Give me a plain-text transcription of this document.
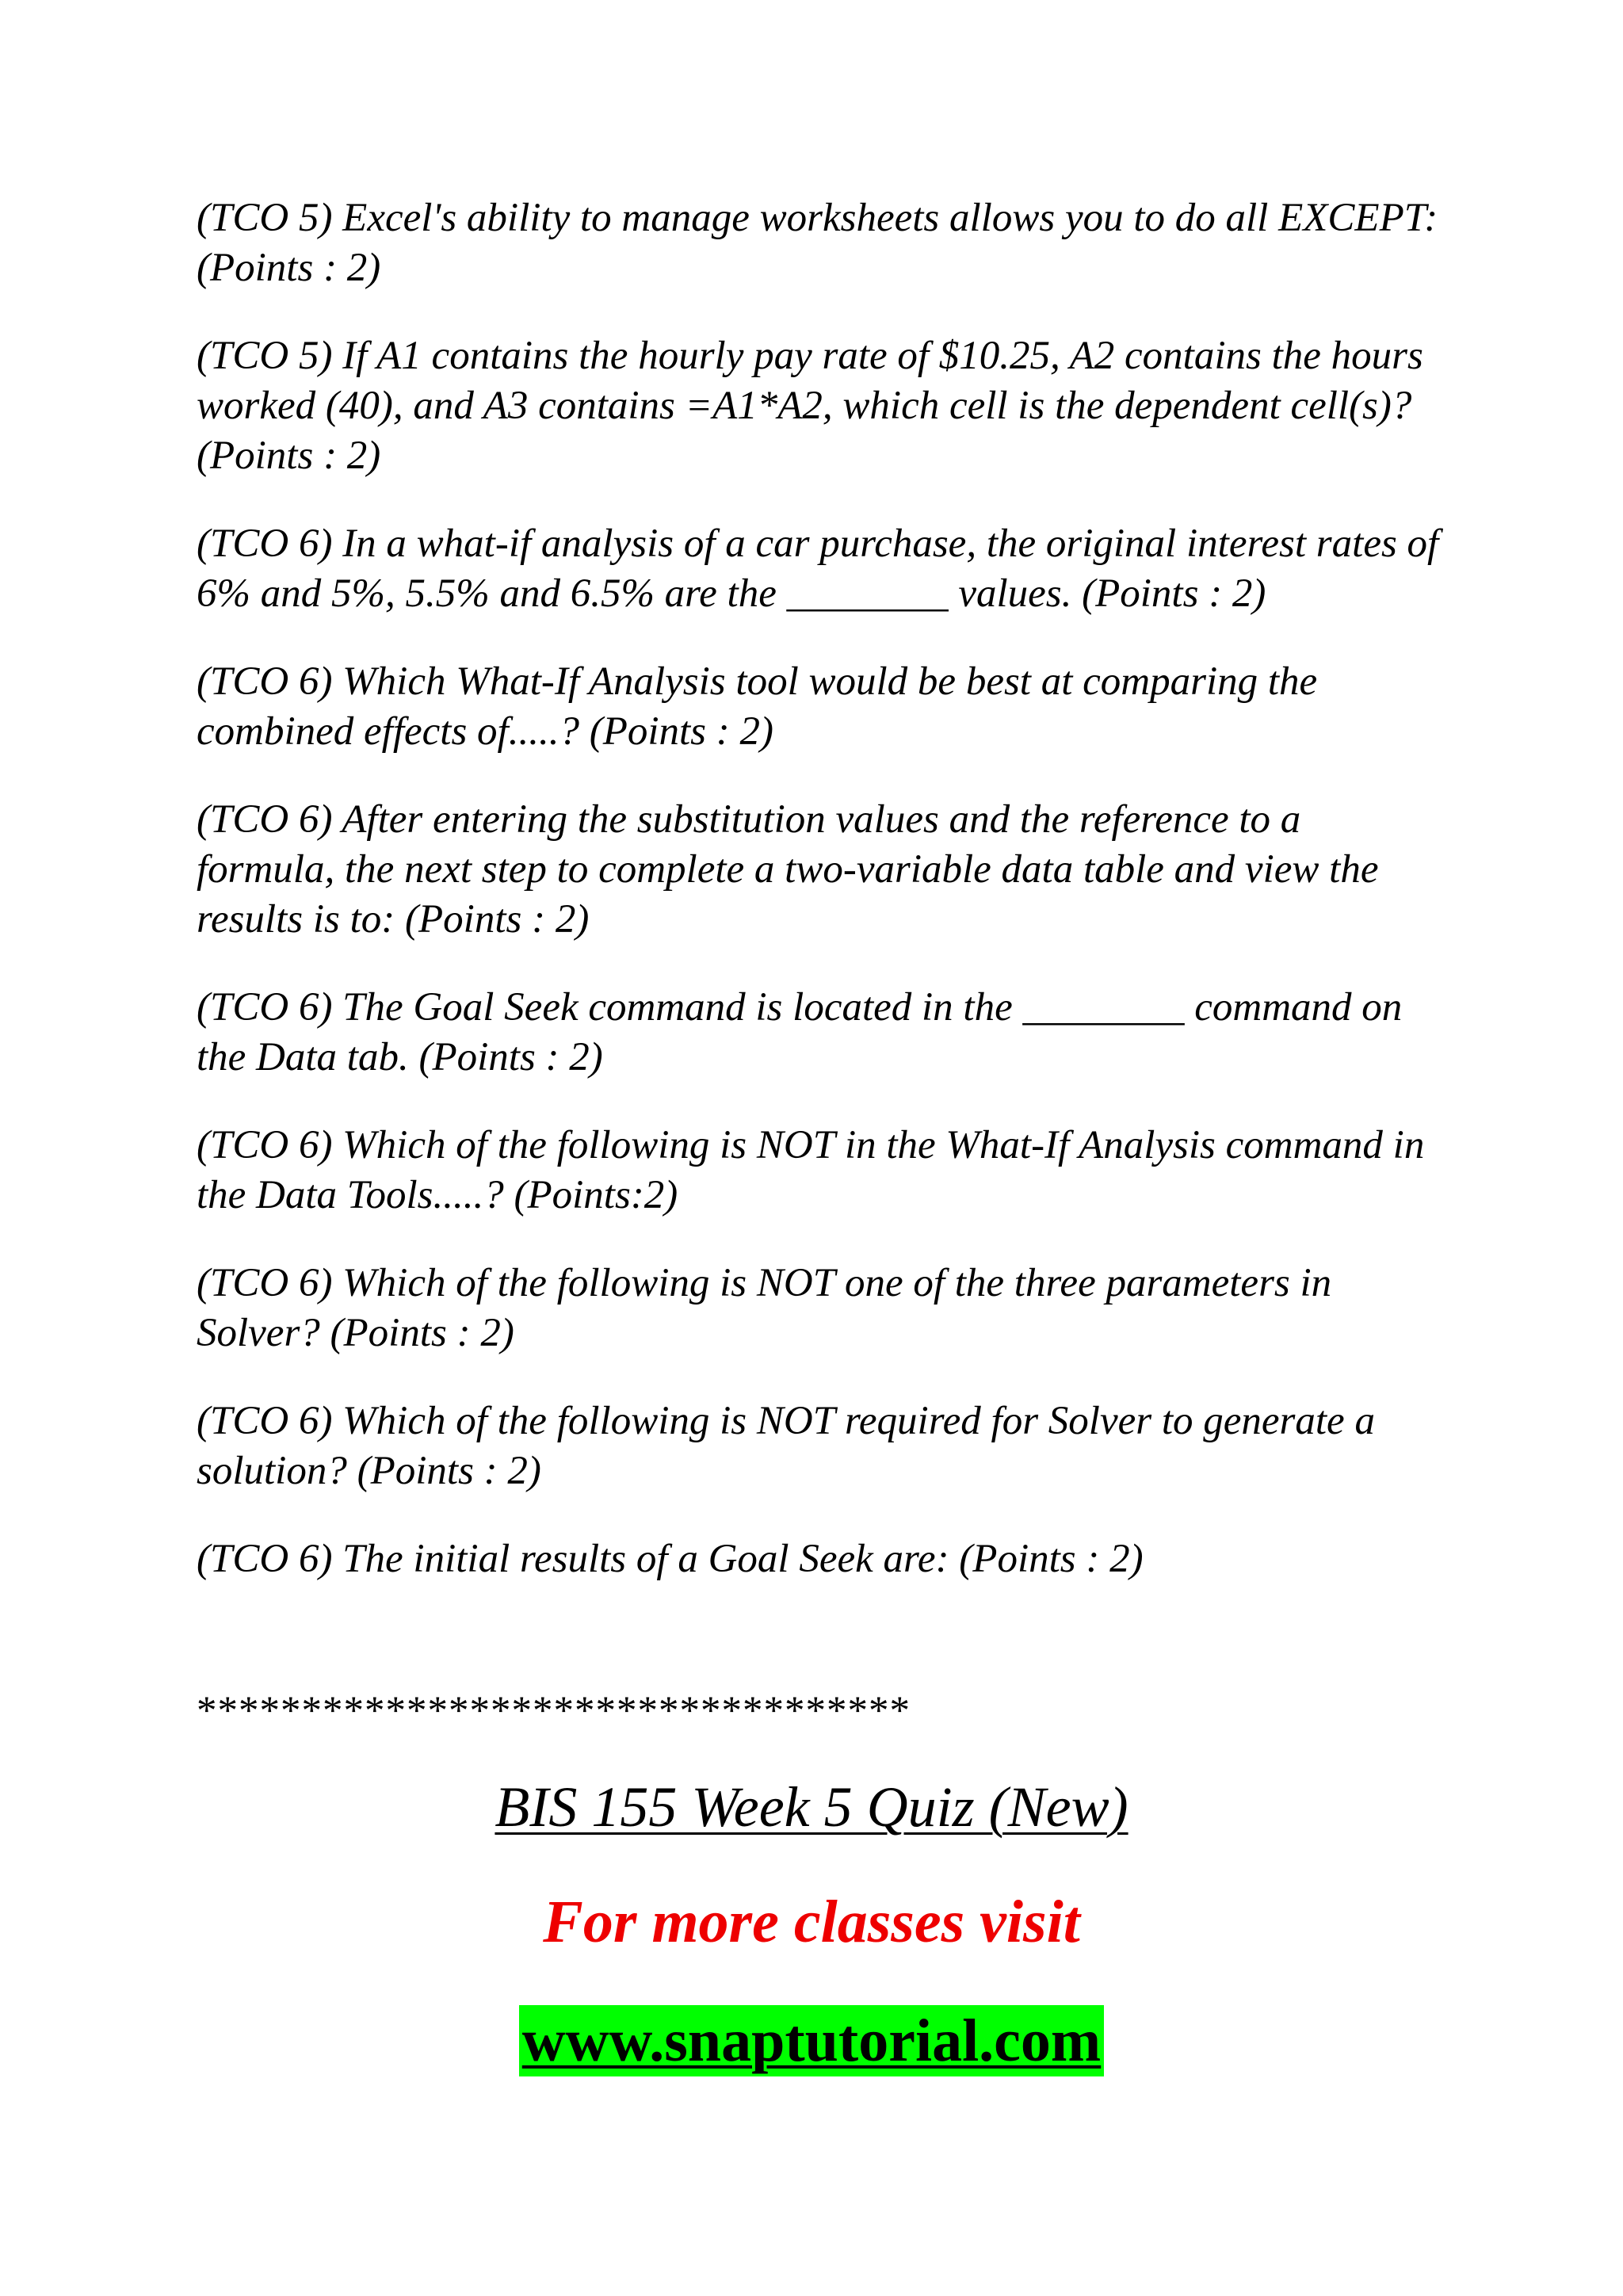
(TCO 5) Excel's ability to manage worksheets allows you to do all EXCEPT: (Points : 2)

(TCO 5) If A1 contains the hourly pay rate of $10.25, A2 contains the hours worked (40), and A3 contains =A1*A2, which cell is the dependent cell(s)? (Points : 2)

(TCO 6) In a what-if analysis of a car purchase, the original interest rates of 6% and 5%, 5.5% and 6.5% are the ________ values. (Points : 2)

(TCO 6) Which What-If Analysis tool would be best at comparing the combined effects of.....? (Points : 2)

(TCO 6) After entering the substitution values and the reference to a formula, the next step to complete a two-variable data table and view the results is to: (Points : 2)

(TCO 6) The Goal Seek command is located in the ________ command on the Data tab. (Points : 2)

(TCO 6) Which of the following is NOT in the What-If Analysis command in the Data Tools.....? (Points:2)

(TCO 6) Which of the following is NOT one of the three parameters in Solver? (Points : 2)

(TCO 6) Which of the following is NOT required for Solver to generate a solution? (Points : 2)

(TCO 6) The initial results of a Goal Seek are: (Points : 2)

**********************************
BIS 155 Week 5 Quiz (New)
For more classes visit
www.snaptutorial.com
